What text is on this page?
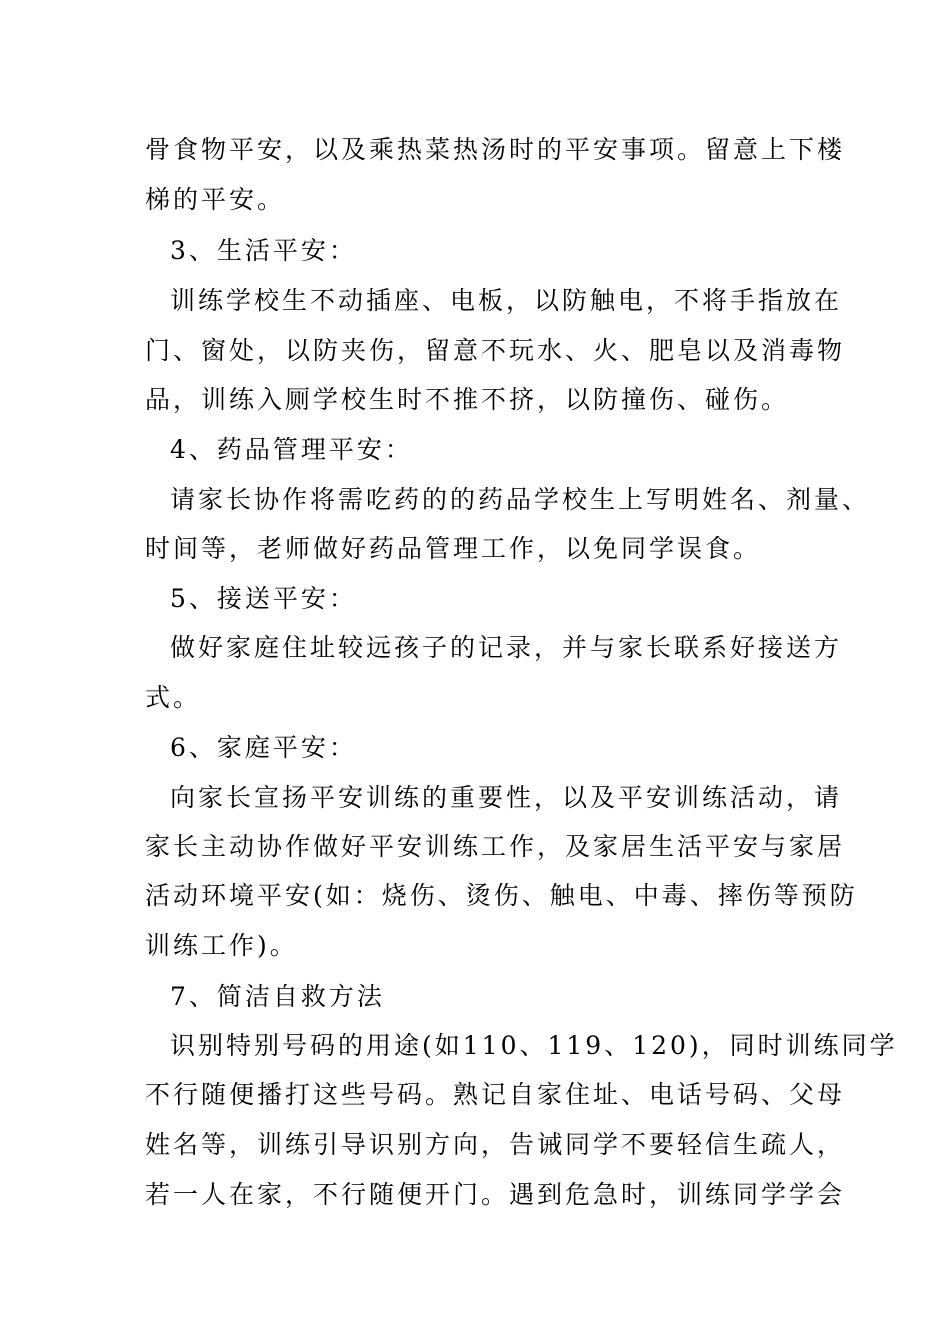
骨食物平安，以及乘热菜热汤时的平安事项。留意上下楼
梯的平安。
3、生活平安：
训练学校生不动插座、电板，以防触电，不将手指放在
门、窗处，以防夹伤，留意不玩水、火、肥皂以及消毒物
品，训练入厕学校生时不推不挤，以防撞伤、碰伤。
4、药品管理平安：
请家长协作将需吃药的的药品学校生上写明姓名、剂量、
时间等，老师做好药品管理工作，以免同学误食。
5、接送平安：
做好家庭住址较远孩子的记录，并与家长联系好接送方
式。
6、家庭平安：
向家长宣扬平安训练的重要性，以及平安训练活动，请
家长主动协作做好平安训练工作，及家居生活平安与家居
活动环境平安(如：烧伤、烫伤、触电、中毒、摔伤等预防
训练工作)。
7、简洁自救方法
识别特别号码的用途(如110、119、120)，同时训练同学
不行随便播打这些号码。熟记自家住址、电话号码、父母
姓名等，训练引导识别方向，告诫同学不要轻信生疏人，
若一人在家，不行随便开门。遇到危急时，训练同学学会
